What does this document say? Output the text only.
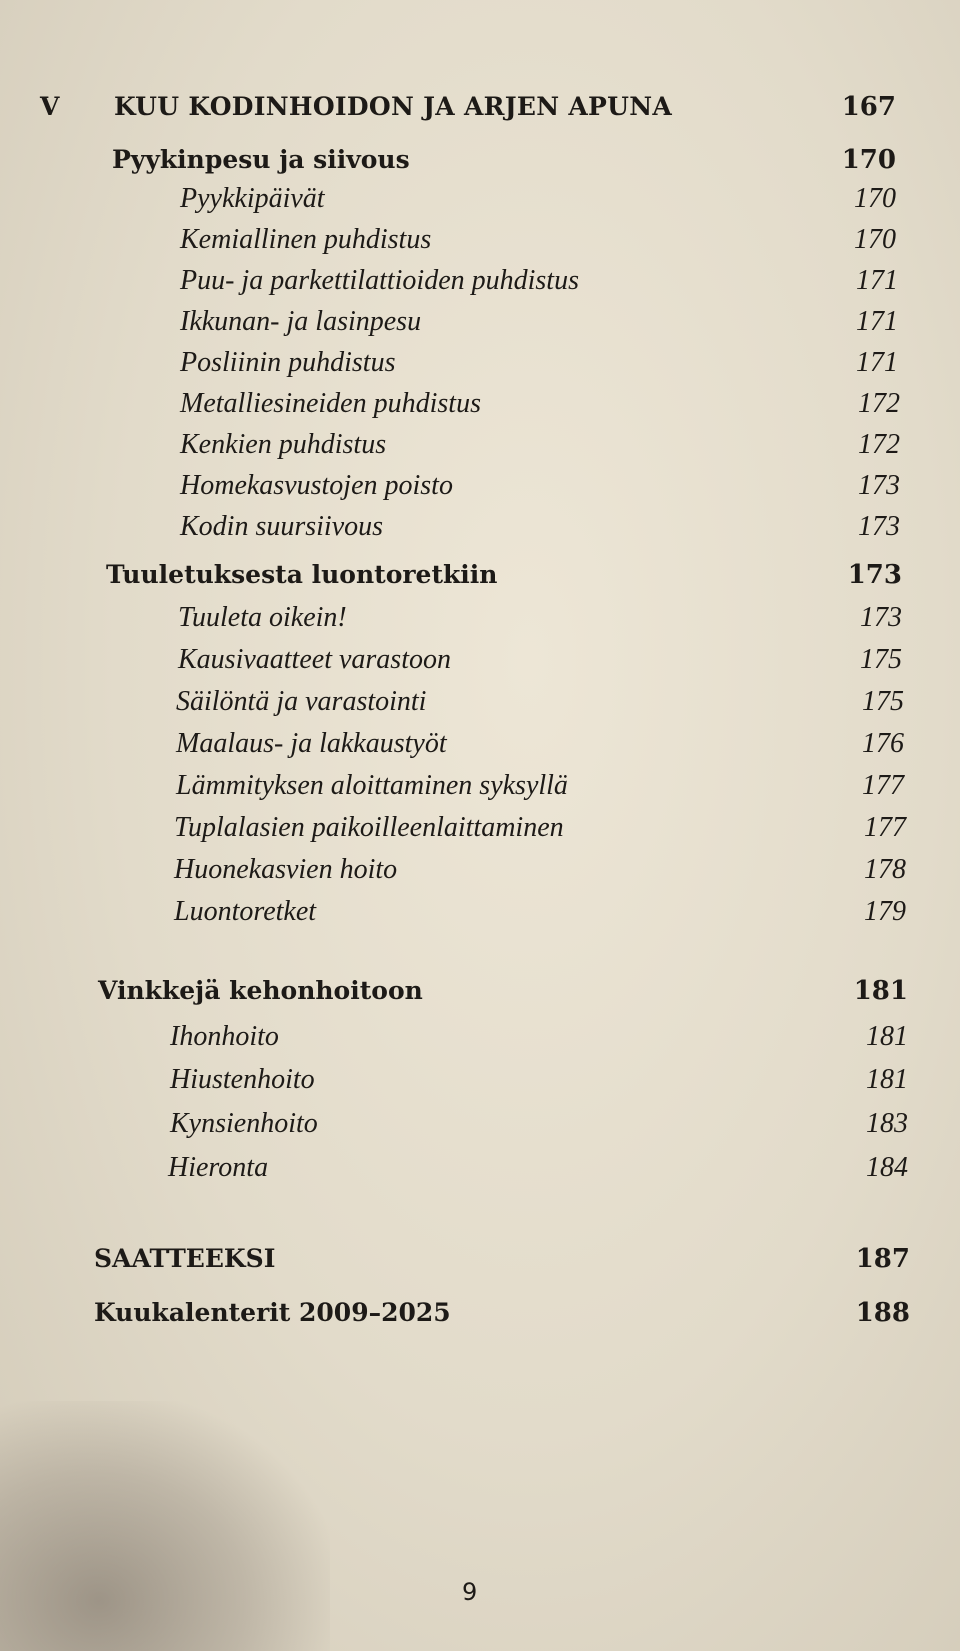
V KUU KODINHOIDON JA ARJEN APUNA	167
Pyykinpesu ja siivous	170
Pyykkipäivät	170
Kemiallinen puhdistus	170
Puu- ja parkettilattioiden puhdistus	171
Ikkunan- ja lasinpesu	171
Posliinin puhdistus	171
Metalliesineiden puhdistus	172
Kenkien puhdistus	172
Homekasvustojen poisto	173
Kodin suursiivous	173
Tuuletuksesta luontoretkiin	173
Tuuleta oikein!	173
Kausivaatteet varastoon	175
Säilöntä ja varastointi	175
Maalaus- ja lakkaustyöt	176
Lämmityksen aloittaminen syksyllä	177
Tuplalasien paikoilleenlaittaminen	177
Huonekasvien hoito	178
Luontoretket	179
Vinkkejä kehonhoitoon	181
Ihonhoito	181
Hiustenhoito	181
Kynsienhoito	183
Hieronta	184
SAATTEEKSI	187
Kuukalenterit 2009–2025	188
9
